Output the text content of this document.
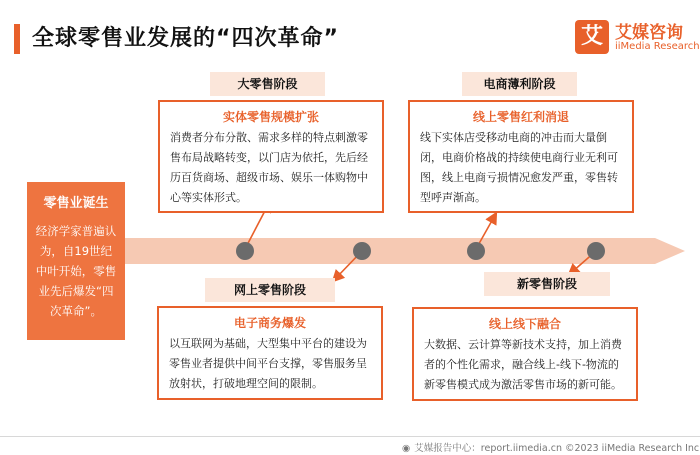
全球零售业发展的“四次革命”	艾 艾媒咨询
iiMedia Research
零售业诞生
经济学家普遍认为，自19世纪中叶开始，零售业先后爆发“四次革命”。
大零售阶段
实体零售规模扩张
消费者分布分散、需求多样的特点刺激零售布局战略转变，以门店为依托，先后经历百货商场、超级市场、娱乐一体购物中心等实体形式。
网上零售阶段
电子商务爆发
以互联网为基础，大型集中平台的建设为零售业者提供中间平台支撑，零售服务呈放射状，打破地理空间的限制。
电商薄利阶段
线上零售红利消退
线下实体店受移动电商的冲击而大量倒闭，电商价格战的持续使电商行业无利可图，线上电商亏损情况愈发严重，零售转型呼声渐高。
新零售阶段
线上线下融合
大数据、云计算等新技术支持，加上消费者的个性化需求，融合线上-线下-物流的新零售模式成为激活零售市场的新可能。
◉ 艾媒报告中心：report.iimedia.cn ©2023 iiMedia Research Inc
